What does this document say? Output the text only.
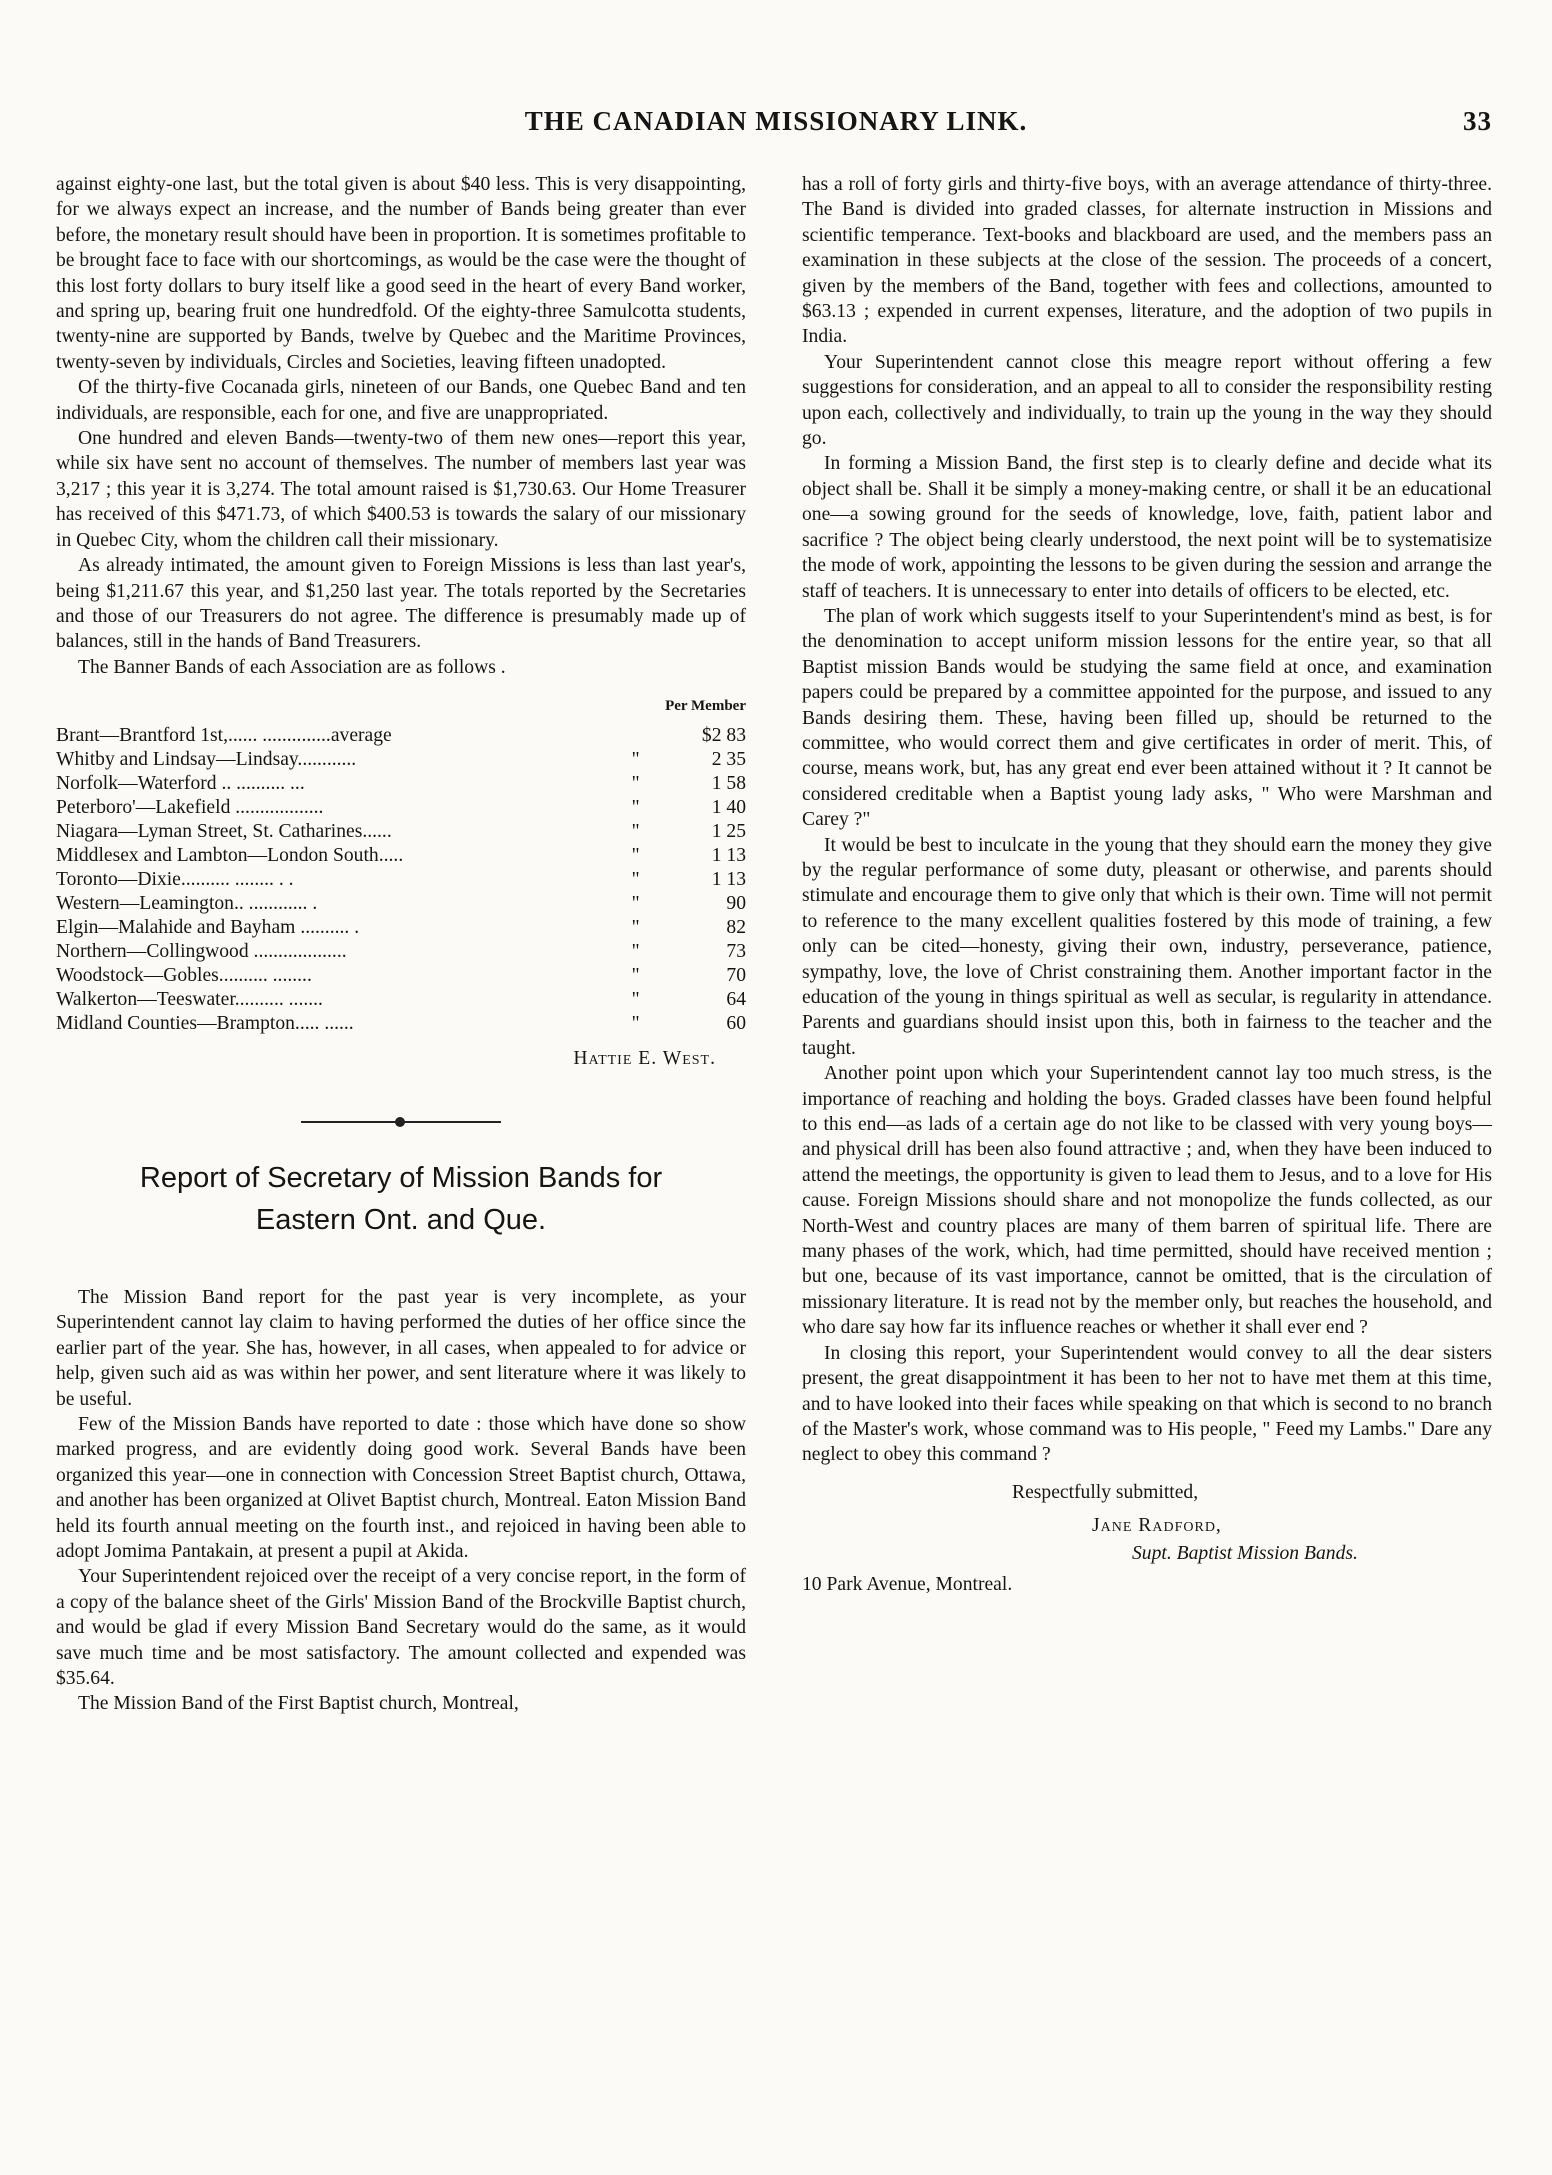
THE CANADIAN MISSIONARY LINK.	33

against eighty-one last, but the total given is about $40 less. This is very disappointing, for we always expect an increase, and the number of Bands being greater than ever before, the monetary result should have been in proportion. It is sometimes profitable to be brought face to face with our shortcomings, as would be the case were the thought of this lost forty dollars to bury itself like a good seed in the heart of every Band worker, and spring up, bearing fruit one hundredfold. Of the eighty-three Samulcotta students, twenty-nine are supported by Bands, twelve by Quebec and the Maritime Provinces, twenty-seven by individuals, Circles and Societies, leaving fifteen unadopted.

Of the thirty-five Cocanada girls, nineteen of our Bands, one Quebec Band and ten individuals, are responsible, each for one, and five are unappropriated.

One hundred and eleven Bands—twenty-two of them new ones—report this year, while six have sent no account of themselves. The number of members last year was 3,217 ; this year it is 3,274. The total amount raised is $1,730.63. Our Home Treasurer has received of this $471.73, of which $400.53 is towards the salary of our missionary in Quebec City, whom the children call their missionary.

As already intimated, the amount given to Foreign Missions is less than last year's, being $1,211.67 this year, and $1,250 last year. The totals reported by the Secretaries and those of our Treasurers do not agree. The difference is presumably made up of balances, still in the hands of Band Treasurers.

The Banner Bands of each Association are as follows .

Per Member
Brant—Brantford 1st,...... ..............average		$2 83
Whitby and Lindsay—Lindsay............	"	2 35
Norfolk—Waterford .. .......... ...	"	1 58
Peterboro'—Lakefield ..................	"	1 40
Niagara—Lyman Street, St. Catharines......	"	1 25
Middlesex and Lambton—London South.....	"	1 13
Toronto—Dixie.......... ........ . .	"	1 13
Western—Leamington.. ............ .	"	90
Elgin—Malahide and Bayham .......... .	"	82
Northern—Collingwood ...................	"	73
Woodstock—Gobles.......... ........	"	70
Walkerton—Teeswater.......... .......	"	64
Midland Counties—Brampton..... ......	"	60
Hattie E. West.
Report of Secretary of Mission Bands for
Eastern Ont. and Que.

The Mission Band report for the past year is very incomplete, as your Superintendent cannot lay claim to having performed the duties of her office since the earlier part of the year. She has, however, in all cases, when appealed to for advice or help, given such aid as was within her power, and sent literature where it was likely to be useful.

Few of the Mission Bands have reported to date : those which have done so show marked progress, and are evidently doing good work. Several Bands have been organized this year—one in connection with Concession Street Baptist church, Ottawa, and another has been organized at Olivet Baptist church, Montreal. Eaton Mission Band held its fourth annual meeting on the fourth inst., and rejoiced in having been able to adopt Jomima Pantakain, at present a pupil at Akida.

Your Superintendent rejoiced over the receipt of a very concise report, in the form of a copy of the balance sheet of the Girls' Mission Band of the Brockville Baptist church, and would be glad if every Mission Band Secretary would do the same, as it would save much time and be most satisfactory. The amount collected and expended was $35.64.

The Mission Band of the First Baptist church, Montreal,

has a roll of forty girls and thirty-five boys, with an average attendance of thirty-three. The Band is divided into graded classes, for alternate instruction in Missions and scientific temperance. Text-books and blackboard are used, and the members pass an examination in these subjects at the close of the session. The proceeds of a concert, given by the members of the Band, together with fees and collections, amounted to $63.13 ; expended in current expenses, literature, and the adoption of two pupils in India.

Your Superintendent cannot close this meagre report without offering a few suggestions for consideration, and an appeal to all to consider the responsibility resting upon each, collectively and individually, to train up the young in the way they should go.

In forming a Mission Band, the first step is to clearly define and decide what its object shall be. Shall it be simply a money-making centre, or shall it be an educational one—a sowing ground for the seeds of knowledge, love, faith, patient labor and sacrifice ? The object being clearly understood, the next point will be to systematisize the mode of work, appointing the lessons to be given during the session and arrange the staff of teachers. It is unnecessary to enter into details of officers to be elected, etc.

The plan of work which suggests itself to your Superintendent's mind as best, is for the denomination to accept uniform mission lessons for the entire year, so that all Baptist mission Bands would be studying the same field at once, and examination papers could be prepared by a committee appointed for the purpose, and issued to any Bands desiring them. These, having been filled up, should be returned to the committee, who would correct them and give certificates in order of merit. This, of course, means work, but, has any great end ever been attained without it ? It cannot be considered creditable when a Baptist young lady asks, " Who were Marshman and Carey ?"

It would be best to inculcate in the young that they should earn the money they give by the regular performance of some duty, pleasant or otherwise, and parents should stimulate and encourage them to give only that which is their own. Time will not permit to reference to the many excellent qualities fostered by this mode of training, a few only can be cited—honesty, giving their own, industry, perseverance, patience, sympathy, love, the love of Christ constraining them. Another important factor in the education of the young in things spiritual as well as secular, is regularity in attendance. Parents and guardians should insist upon this, both in fairness to the teacher and the taught.

Another point upon which your Superintendent cannot lay too much stress, is the importance of reaching and holding the boys. Graded classes have been found helpful to this end—as lads of a certain age do not like to be classed with very young boys—and physical drill has been also found attractive ; and, when they have been induced to attend the meetings, the opportunity is given to lead them to Jesus, and to a love for His cause. Foreign Missions should share and not monopolize the funds collected, as our North-West and country places are many of them barren of spiritual life. There are many phases of the work, which, had time permitted, should have received mention ; but one, because of its vast importance, cannot be omitted, that is the circulation of missionary literature. It is read not by the member only, but reaches the household, and who dare say how far its influence reaches or whether it shall ever end ?

In closing this report, your Superintendent would convey to all the dear sisters present, the great disappointment it has been to her not to have met them at this time, and to have looked into their faces while speaking on that which is second to no branch of the Master's work, whose command was to His people, " Feed my Lambs." Dare any neglect to obey this command ?

Respectfully submitted,
Jane Radford,
Supt. Baptist Mission Bands.
10 Park Avenue, Montreal.
